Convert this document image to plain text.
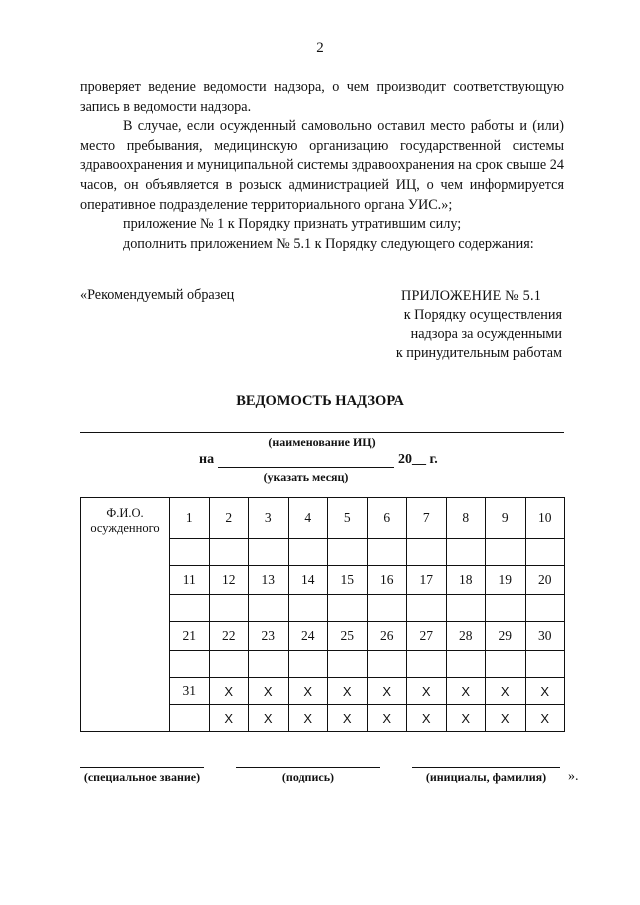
2

проверяет ведение ведомости надзора, о чем производит соответствующую

запись в ведомости надзора.

В случае, если осужденный самовольно оставил место работы и (или) место пребывания, медицинскую организацию государственной системы здравоохранения и муниципальной системы здравоохранения на срок свыше 24 часов, он объявляется в розыск администрацией ИЦ, о чем информируется оперативное подразделение территориального органа УИС.»;

приложение № 1 к Порядку признать утратившим силу;

дополнить приложением № 5.1 к Порядку следующего содержания:

«Рекомендуемый образец	ПРИЛОЖЕНИЕ № 5.1
к Порядку осуществления
надзора за осужденными
к принудительным работам
ВЕДОМОСТЬ НАДЗОРА
(наименование ИЦ)
на	20__ г.
(указать месяц)
Ф.И.О. осужденного	1	2	3	4	5	6	7	8	9	10

	11	12	13	14	15	16	17	18	19	20

	21	22	23	24	25	26	27	28	29	30

	31	X	X	X	X	X	X	X	X	X
		X	X	X	X	X	X	X	X	X
(специальное звание)	(подпись)	(инициалы, фамилия)	».
